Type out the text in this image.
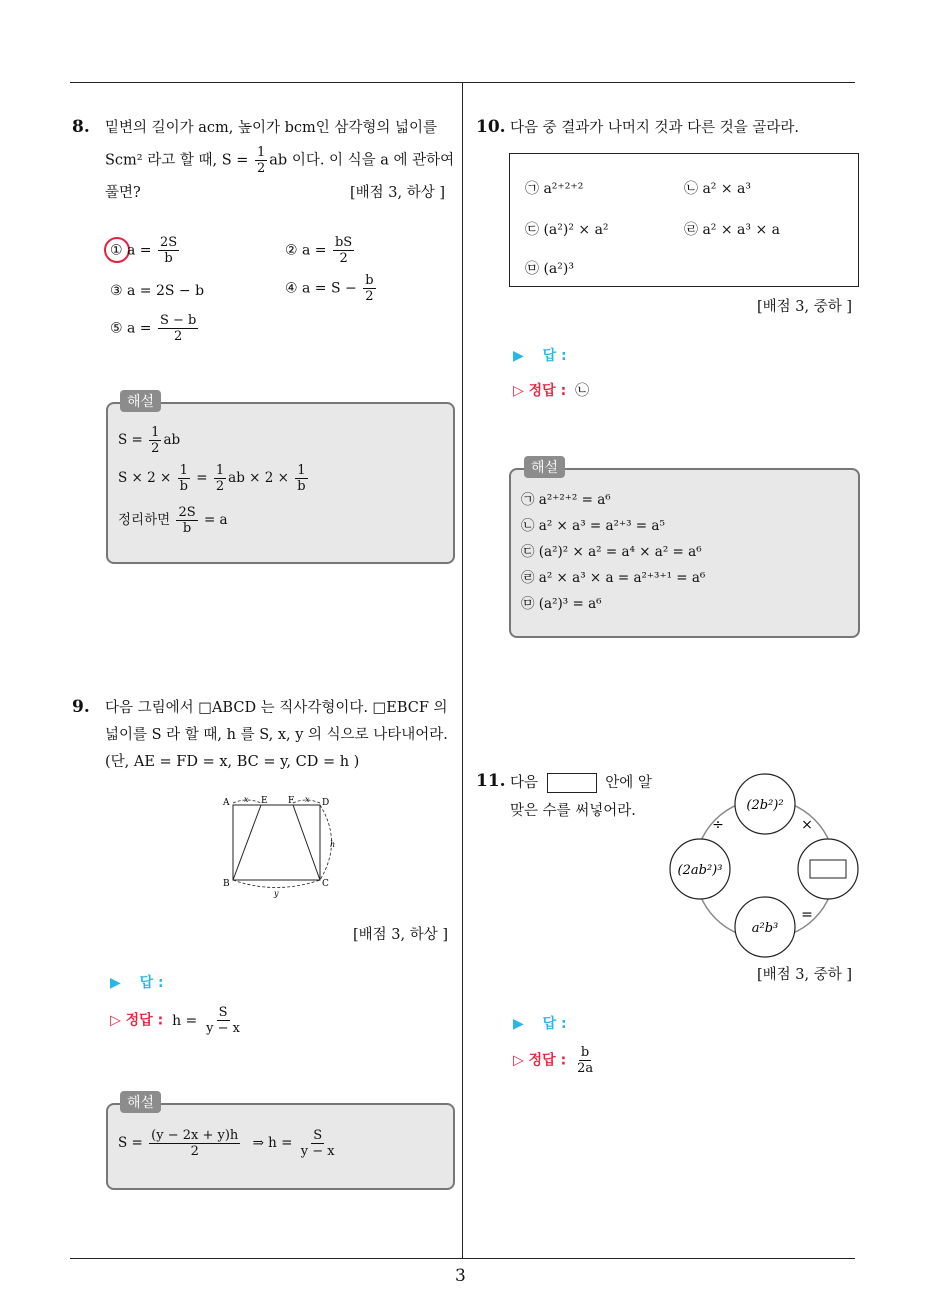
8. 밑변의 길이가 acm, 높이가 bcm인 삼각형의 넓이를
Scm² 라고 할 때, $S = \frac{1}{2}$ ab 이다. 이 식을 a 에 관하여
풀면?	[배점 3, 하상 ]
① $a = \frac{2S}{b}$	② $a = \frac{bS}{2}$
③ a = 2S − b	④ $a = S - \frac{b}{2}$
⑤ $a = \frac{S - b}{2}$
해설
$S = \frac{1}{2}$ ab
$S \times 2 \times \frac{1}{b} = \frac{1}{2}$ ab × $2 \times \frac{1}{b}$
정리하면 $\frac{2S}{b} = a$
9. 다음 그림에서 □ABCD 는 직사각형이다. □EBCF 의
넓이를 S 라 할 때, h 를 S, x, y 의 식으로 나타내어라.
(단, AE = FD = x, BC = y, CD = h )
A	E F	D
B	C
x	x
y
h
[배점 3, 하상 ]
▶ 답 :
▷ 정답 : $h = \frac{S}{y - x}$
해설
$S = \frac{(y - 2x + y)h}{2}$ ⇒ $h = \frac{S}{y - x}$
10. 다음 중 결과가 나머지 것과 다른 것을 골라라.
㉠ a²⁺²⁺²	㉡ a² × a³
㉢ (a²)² × a²	㉣ a² × a³ × a
㉤ (a²)³
[배점 3, 중하 ]
▶ 답 :
▷ 정답 : ㉡
해설
㉠ a²⁺²⁺² = a⁶
㉡ a² × a³ = a²⁺³ = a⁵
㉢ (a²)² × a² = a⁴ × a² = a⁶
㉣ a² × a³ × a = a²⁺³⁺¹ = a⁶
㉤ (a²)³ = a⁶
11. 다음	안에 알
맞은 수를 써넣어라.	(2b²)²
(2ab²)³
a²b³
÷	×
=
[배점 3, 중하 ]
▶ 답 :
▷ 정답 : $\frac{b}{2a}$
3
